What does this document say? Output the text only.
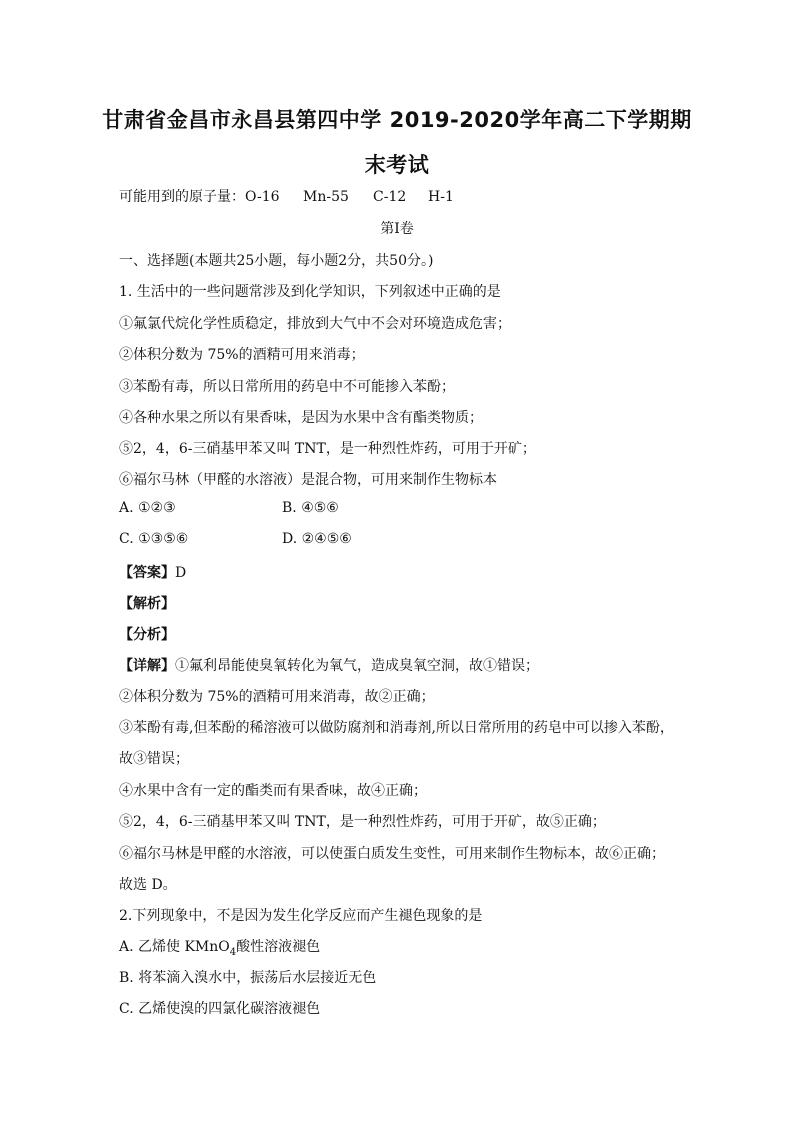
甘肃省金昌市永昌县第四中学 2019-2020学年高二下学期期
末考试
可能用到的原子量：O-16 Mn-55 C-12 H-1
第Ⅰ卷
一、选择题(本题共25小题，每小题2分，共50分。)
1. 生活中的一些问题常涉及到化学知识，下列叙述中正确的是
①氟氯代烷化学性质稳定，排放到大气中不会对环境造成危害；
②体积分数为 75%的酒精可用来消毒；
③苯酚有毒，所以日常所用的药皂中不可能掺入苯酚；
④各种水果之所以有果香味，是因为水果中含有酯类物质；
⑤2，4，6-三硝基甲苯又叫 TNT，是一种烈性炸药，可用于开矿；
⑥福尔马林（甲醛的水溶液）是混合物，可用来制作生物标本
A. ①②③	B. ④⑤⑥
C. ①③⑤⑥	D. ②④⑤⑥
【答案】D
【解析】
【分析】
【详解】①氟利昂能使臭氧转化为氧气，造成臭氧空洞，故①错误；
②体积分数为 75%的酒精可用来消毒，故②正确；
③苯酚有毒,但苯酚的稀溶液可以做防腐剂和消毒剂,所以日常所用的药皂中可以掺入苯酚，
故③错误；
④水果中含有一定的酯类而有果香味，故④正确；
⑤2，4，6-三硝基甲苯又叫 TNT，是一种烈性炸药，可用于开矿，故⑤正确；
⑥福尔马林是甲醛的水溶液，可以使蛋白质发生变性，可用来制作生物标本，故⑥正确；
故选 D。
2.下列现象中，不是因为发生化学反应而产生褪色现象的是
A. 乙烯使 KMnO$_4$酸性溶液褪色
B. 将苯滴入溴水中，振荡后水层接近无色
C. 乙烯使溴的四氯化碳溶液褪色
